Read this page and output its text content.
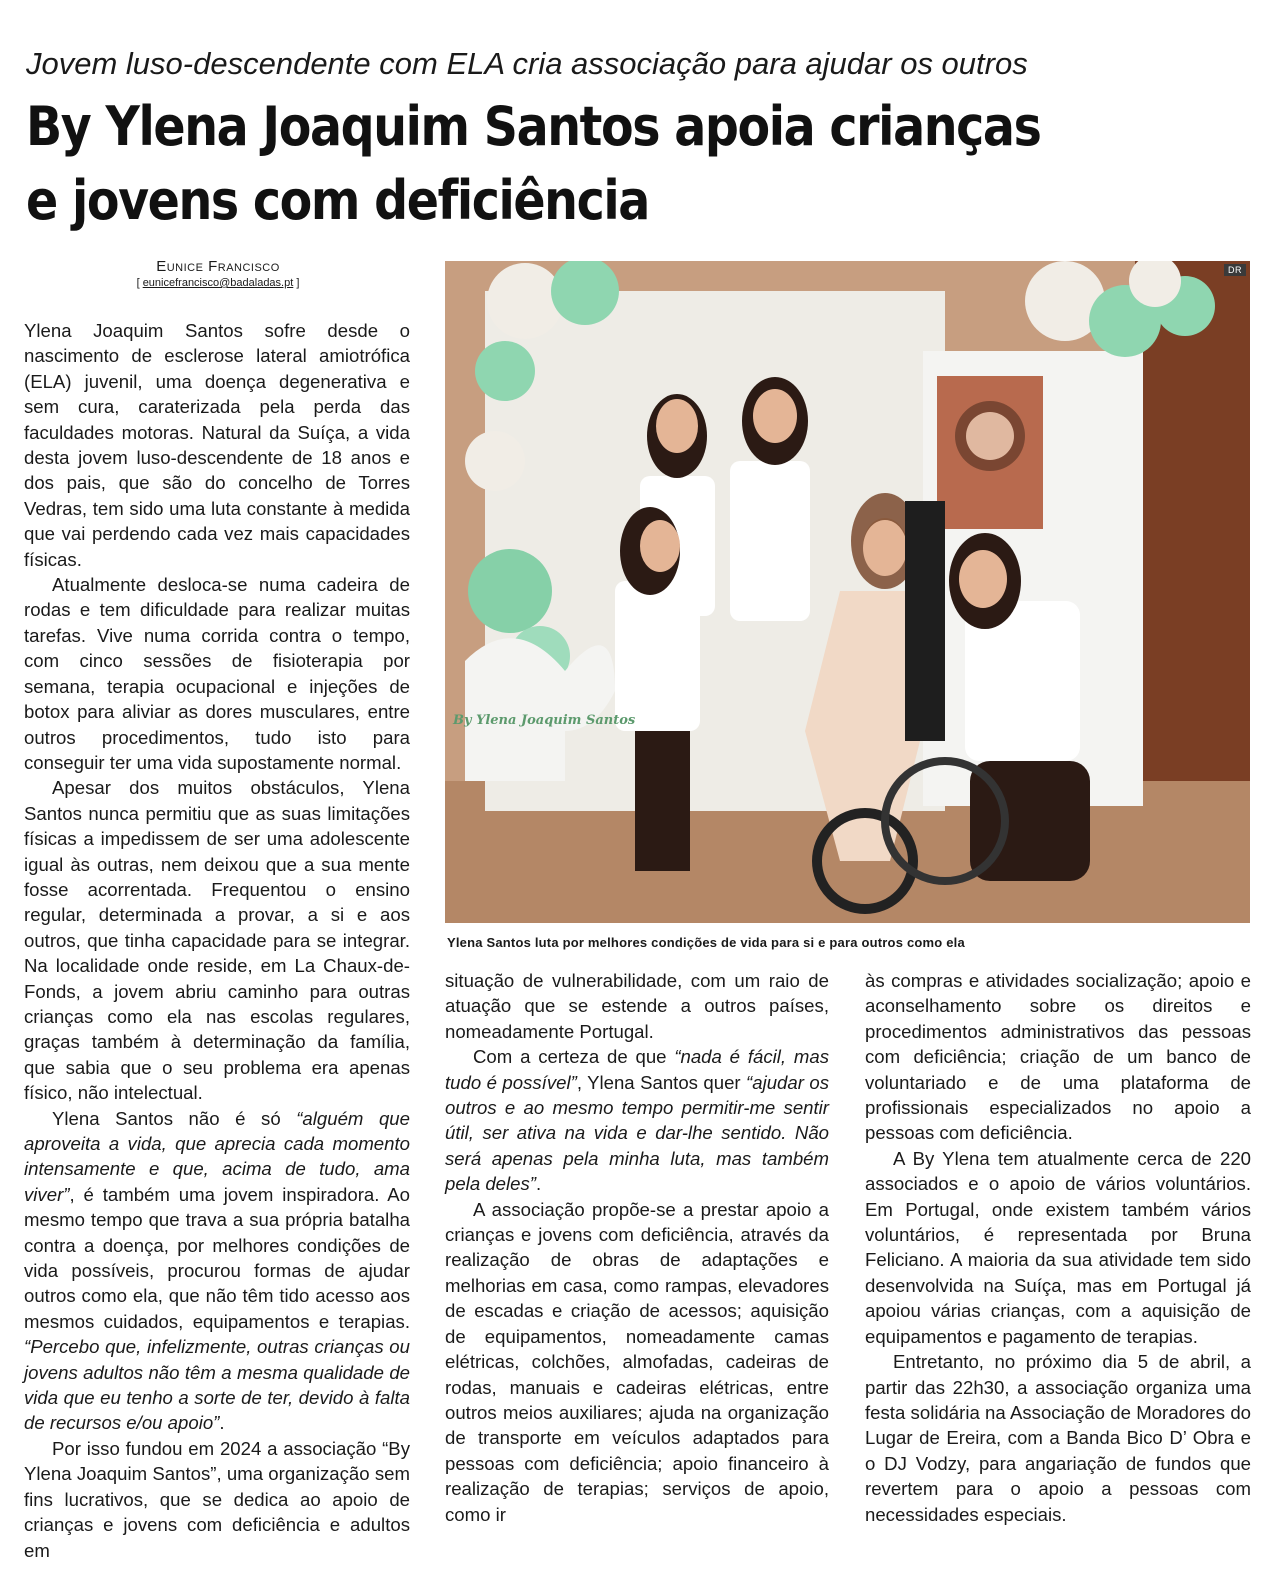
Jovem luso-descendente com ELA cria associação para ajudar os outros
By Ylena Joaquim Santos apoia crianças
e jovens com deficiência
Eunice Francisco
[ eunicefrancisco@badaladas.pt ]

Ylena Joaquim Santos sofre desde o nascimento de esclerose lateral amiotrófica (ELA) juvenil, uma doença degenerativa e sem cura, caraterizada pela perda das faculdades motoras. Natural da Suíça, a vida desta jovem luso-descendente de 18 anos e dos pais, que são do concelho de Torres Vedras, tem sido uma luta constante à medida que vai perdendo cada vez mais capacidades físicas.

Atualmente desloca-se numa cadeira de rodas e tem dificuldade para realizar muitas tarefas. Vive numa corrida contra o tempo, com cinco sessões de fisioterapia por semana, terapia ocupacional e injeções de botox para aliviar as dores musculares, entre outros procedimentos, tudo isto para conseguir ter uma vida supostamente normal.

Apesar dos muitos obstáculos, Ylena Santos nunca permitiu que as suas limitações físicas a impedissem de ser uma adolescente igual às outras, nem deixou que a sua mente fosse acorrentada. Frequentou o ensino regular, determinada a provar, a si e aos outros, que tinha capacidade para se integrar. Na localidade onde reside, em La Chaux-de-Fonds, a jovem abriu caminho para outras crianças como ela nas escolas regulares, graças também à determinação da família, que sabia que o seu problema era apenas físico, não intelectual.

Ylena Santos não é só “alguém que aproveita a vida, que aprecia cada momento intensamente e que, acima de tudo, ama viver”, é também uma jovem inspiradora. Ao mesmo tempo que trava a sua própria batalha contra a doença, por melhores condições de vida possíveis, procurou formas de ajudar outros como ela, que não têm tido acesso aos mesmos cuidados, equipamentos e terapias. “Percebo que, infelizmente, outras crianças ou jovens adultos não têm a mesma qualidade de vida que eu tenho a sorte de ter, devido à falta de recursos e/ou apoio”.

Por isso fundou em 2024 a associação “By Ylena Joaquim Santos”, uma organização sem fins lucrativos, que se dedica ao apoio de crianças e jovens com deficiência e adultos em

DR
By Ylena Joaquim Santos
Ylena Santos luta por melhores condições de vida para si e para outros como ela

situação de vulnerabilidade, com um raio de atuação que se estende a outros países, nomeadamente Portugal.

Com a certeza de que “nada é fácil, mas tudo é possível”, Ylena Santos quer “ajudar os outros e ao mesmo tempo permitir-me sentir útil, ser ativa na vida e dar-lhe sentido. Não será apenas pela minha luta, mas também pela deles”.

A associação propõe-se a prestar apoio a crianças e jovens com deficiência, através da realização de obras de adaptações e melhorias em casa, como rampas, elevadores de escadas e criação de acessos; aquisição de equipamentos, nomeadamente camas elétricas, colchões, almofadas, cadeiras de rodas, manuais e cadeiras elétricas, entre outros meios auxiliares; ajuda na organização de transporte em veículos adaptados para pessoas com deficiência; apoio financeiro à realização de terapias; serviços de apoio, como ir

às compras e atividades socialização; apoio e aconselhamento sobre os direitos e procedimentos administrativos das pessoas com deficiência; criação de um banco de voluntariado e de uma plataforma de profissionais especializados no apoio a pessoas com deficiência.

A By Ylena tem atualmente cerca de 220 associados e o apoio de vários voluntários. Em Portugal, onde existem também vários voluntários, é representada por Bruna Feliciano. A maioria da sua atividade tem sido desenvolvida na Suíça, mas em Portugal já apoiou várias crianças, com a aquisição de equipamentos e pagamento de terapias.

Entretanto, no próximo dia 5 de abril, a partir das 22h30, a associação organiza uma festa solidária na Associação de Moradores do Lugar de Ereira, com a Banda Bico D’ Obra e o DJ Vodzy, para angariação de fundos que revertem para o apoio a pessoas com necessidades especiais.
